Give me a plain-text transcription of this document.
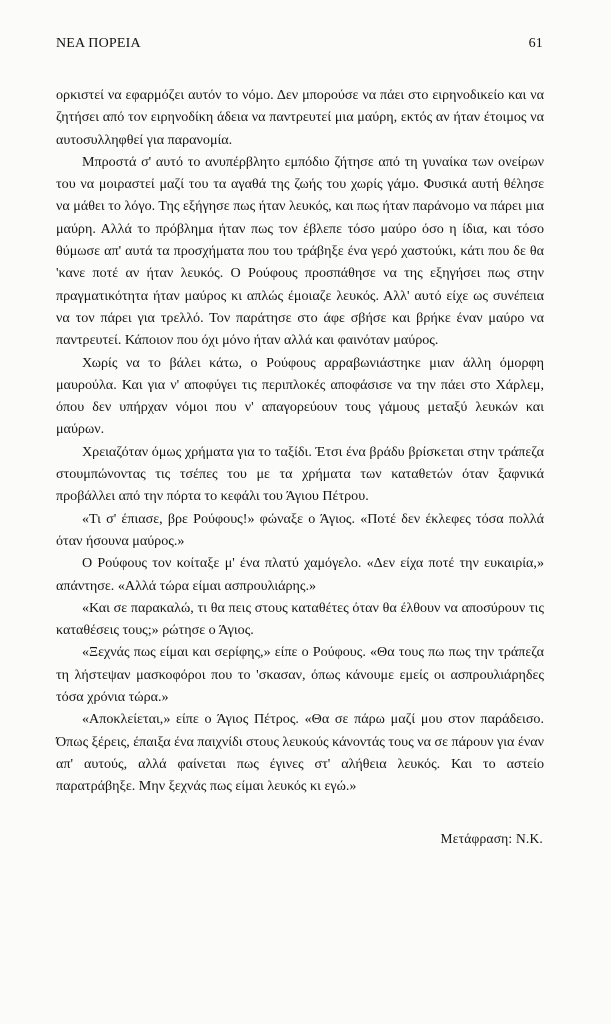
ΝΕΑ ΠΟΡΕΙΑ	61

ορκιστεί να εφαρμόζει αυτόν το νόμο. Δεν μπορούσε να πάει στο ειρηνοδικείο και να ζητήσει από τον ειρηνοδίκη άδεια να παντρευτεί μια μαύρη, εκτός αν ήταν έτοιμος να αυτοσυλληφθεί για παρανομία.

Μπροστά σ' αυτό το ανυπέρβλητο εμπόδιο ζήτησε από τη γυναίκα των ονείρων του να μοιραστεί μαζί του τα αγαθά της ζωής του χωρίς γάμο. Φυσικά αυτή θέλησε να μάθει το λόγο. Της εξήγησε πως ήταν λευκός, και πως ήταν παράνομο να πάρει μια μαύρη. Αλλά το πρόβλημα ήταν πως τον έβλεπε τόσο μαύρο όσο η ίδια, και τόσο θύμωσε απ' αυτά τα προσχήματα που του τράβηξε ένα γερό χαστούκι, κάτι που δε θα 'κανε ποτέ αν ήταν λευκός. Ο Ρούφους προσπάθησε να της εξηγήσει πως στην πραγματικότητα ήταν μαύρος κι απλώς έμοιαζε λευκός. Αλλ' αυτό είχε ως συνέπεια να τον πάρει για τρελλό. Τον παράτησε στο άφε σβήσε και βρήκε έναν μαύρο να παντρευτεί. Κάποιον που όχι μόνο ήταν αλλά και φαινόταν μαύρος.

Χωρίς να το βάλει κάτω, ο Ρούφους αρραβωνιάστηκε μιαν άλλη όμορφη μαυρούλα. Και για ν' αποφύγει τις περιπλοκές αποφάσισε να την πάει στο Χάρλεμ, όπου δεν υπήρχαν νόμοι που ν' απαγορεύουν τους γάμους μεταξύ λευκών και μαύρων.

Χρειαζόταν όμως χρήματα για το ταξίδι. Έτσι ένα βράδυ βρίσκεται στην τράπεζα στουμπώνοντας τις τσέπες του με τα χρήματα των καταθετών όταν ξαφνικά προβάλλει από την πόρτα το κεφάλι του Άγιου Πέτρου.

«Τι σ' έπιασε, βρε Ρούφους!» φώναξε ο Άγιος. «Ποτέ δεν έκλεφες τόσα πολλά όταν ήσουνα μαύρος.»

Ο Ρούφους τον κοίταξε μ' ένα πλατύ χαμόγελο. «Δεν είχα ποτέ την ευκαιρία,» απάντησε. «Αλλά τώρα είμαι ασπρουλιάρης.»

«Και σε παρακαλώ, τι θα πεις στους καταθέτες όταν θα έλθουν να αποσύρουν τις καταθέσεις τους;» ρώτησε ο Άγιος.

«Ξεχνάς πως είμαι και σερίφης,» είπε ο Ρούφους. «Θα τους πω πως την τράπεζα τη λήστεψαν μασκοφόροι που το 'σκασαν, όπως κάνουμε εμείς οι ασπρουλιάρηδες τόσα χρόνια τώρα.»

«Αποκλείεται,» είπε ο Άγιος Πέτρος. «Θα σε πάρω μαζί μου στον παράδεισο. Όπως ξέρεις, έπαιξα ένα παιχνίδι στους λευκούς κάνοντάς τους να σε πάρουν για έναν απ' αυτούς, αλλά φαίνεται πως έγινες στ' αλήθεια λευκός. Και το αστείο παρατράβηξε. Μην ξεχνάς πως είμαι λευκός κι εγώ.»

Μετάφραση: Ν.Κ.
